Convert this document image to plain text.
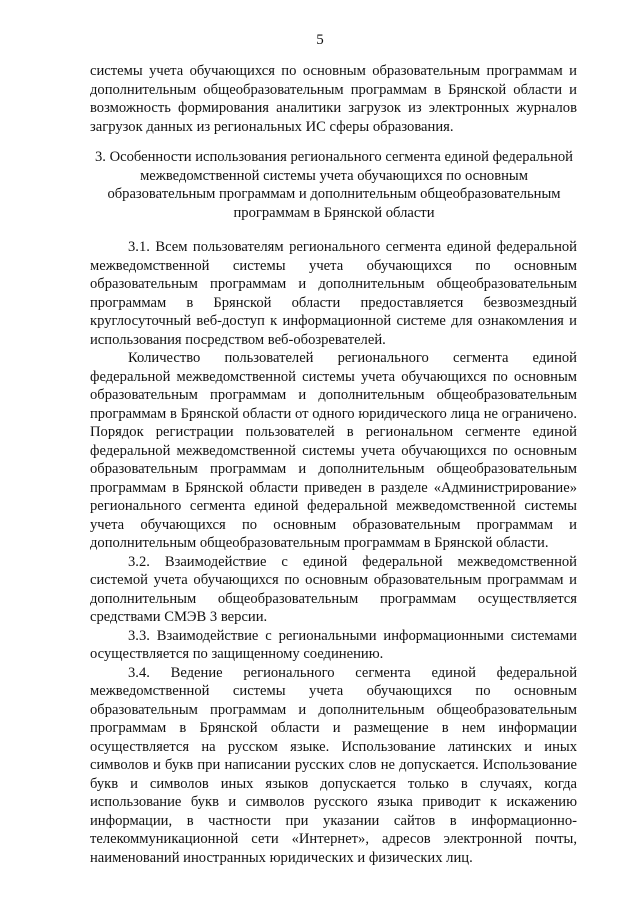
5
системы учета обучающихся по основным образовательным программам и дополнительным общеобразовательным программам в Брянской области и возможность формирования аналитики загрузок из электронных журналов загрузок данных из региональных ИС сферы образования.
3. Особенности использования регионального сегмента единой федеральной межведомственной системы учета обучающихся по основным образовательным программам и дополнительным общеобразовательным программам в Брянской области

3.1. Всем пользователям регионального сегмента единой федеральной межведомственной системы учета обучающихся по основным образовательным программам и дополнительным общеобразовательным программам в Брянской области предоставляется безвозмездный круглосуточный веб-доступ к информационной системе для ознакомления и использования посредством веб-обозревателей.

Количество пользователей регионального сегмента единой федеральной межведомственной системы учета обучающихся по основным образовательным программам и дополнительным общеобразовательным программам в Брянской области от одного юридического лица не ограничено. Порядок регистрации пользователей в региональном сегменте единой федеральной межведомственной системы учета обучающихся по основным образовательным программам и дополнительным общеобразовательным программам в Брянской области приведен в разделе «Администрирование» регионального сегмента единой федеральной межведомственной системы учета обучающихся по основным образовательным программам и дополнительным общеобразовательным программам в Брянской области.

3.2. Взаимодействие с единой федеральной межведомственной системой учета обучающихся по основным образовательным программам и дополнительным общеобразовательным программам осуществляется средствами СМЭВ 3 версии.

3.3. Взаимодействие с региональными информационными системами осуществляется по защищенному соединению.

3.4. Ведение регионального сегмента единой федеральной межведомственной системы учета обучающихся по основным образовательным программам и дополнительным общеобразовательным программам в Брянской области и размещение в нем информации осуществляется на русском языке. Использование латинских и иных символов и букв при написании русских слов не допускается. Использование букв и символов иных языков допускается только в случаях, когда использование букв и символов русского языка приводит к искажению информации, в частности при указании сайтов в информационно-телекоммуникационной сети «Интернет», адресов электронной почты, наименований иностранных юридических и физических лиц.
